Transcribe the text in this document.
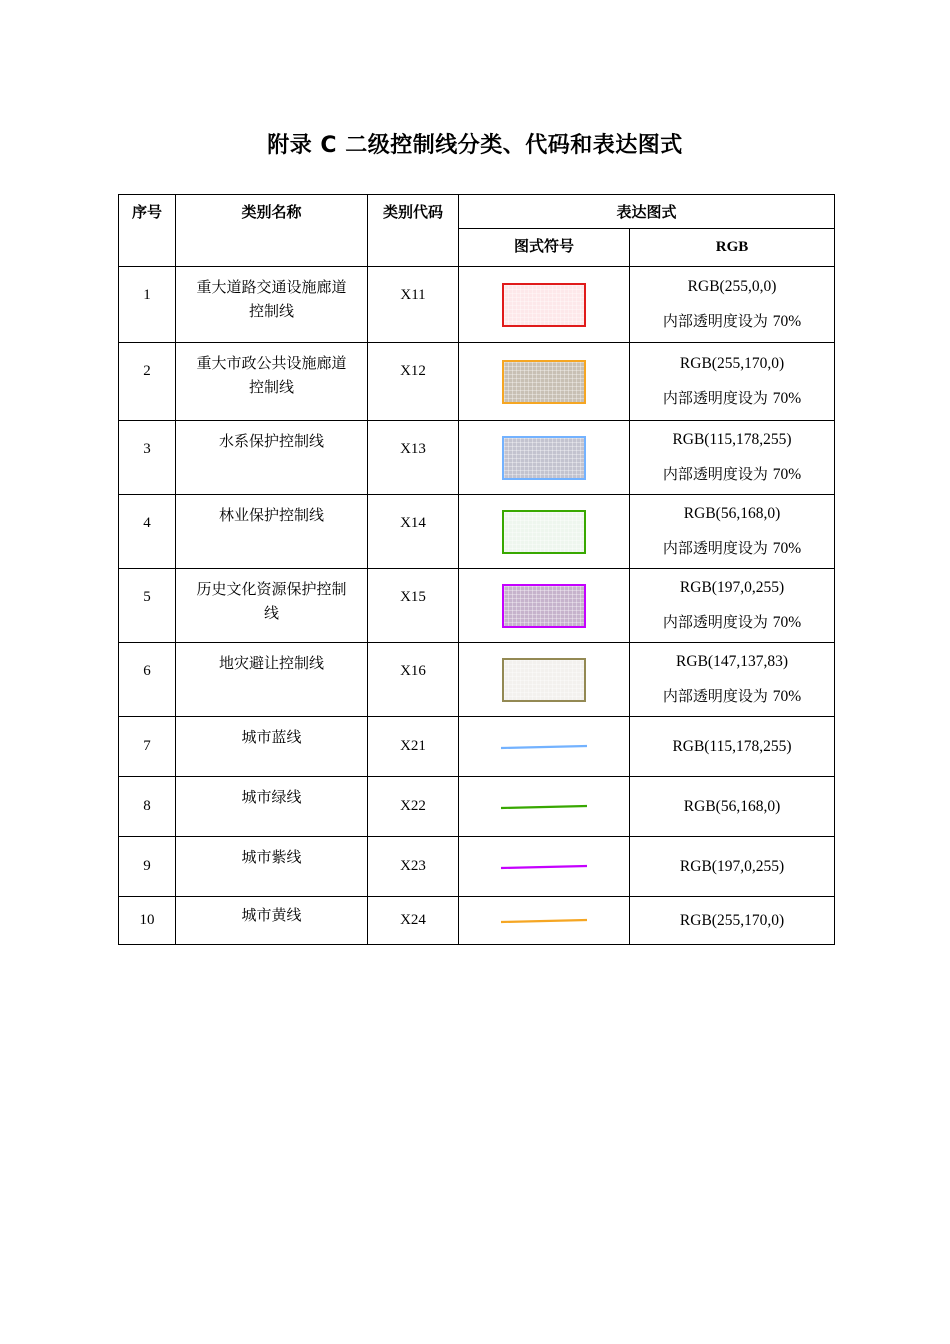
附录 C 二级控制线分类、代码和表达图式
序号	类别名称	类别代码	表达图式	
			图式符号	RGB
1	重大道路交通设施廊道控制线	X11		RGB(255,0,0)
内部透明度设为 70%

2	重大市政公共设施廊道控制线	X12		RGB(255,170,0)
内部透明度设为 70%

3	水系保护控制线	X13		RGB(115,178,255)
内部透明度设为 70%

4	林业保护控制线	X14		RGB(56,168,0)
内部透明度设为 70%

5	历史文化资源保护控制线	X15		RGB(197,0,255)
内部透明度设为 70%

6	地灾避让控制线	X16		RGB(147,137,83)
内部透明度设为 70%

7	城市蓝线	X21		RGB(115,178,255)

8	城市绿线	X22		RGB(56,168,0)

9	城市紫线	X23		RGB(197,0,255)

10	城市黄线	X24		RGB(255,170,0)
